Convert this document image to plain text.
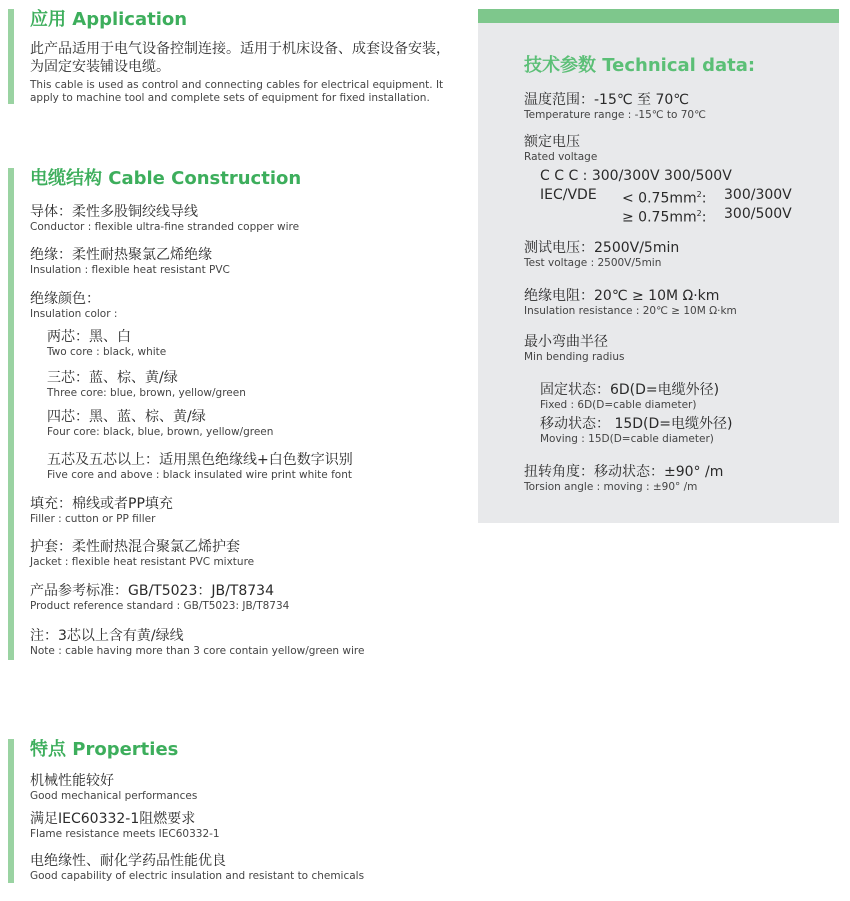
应用 Application
此产品适用于电气设备控制连接。适用于机床设备、成套设备安装，为固定安装铺设电缆。
This cable is used as control and connecting cables for electrical equipment. It apply to machine tool and complete sets of equipment for fixed installation.
电缆结构 Cable Construction
导体：柔性多股铜绞线导线
Conductor : flexible ultra-fine stranded copper wire
绝缘：柔性耐热聚氯乙烯绝缘
Insulation : flexible heat resistant PVC
绝缘颜色：
Insulation color :
两芯：黑、白
Two core : black, white
三芯：蓝、棕、黄/绿
Three core: blue, brown, yellow/green
四芯：黑、蓝、棕、黄/绿
Four core: black, blue, brown, yellow/green
五芯及五芯以上：适用黑色绝缘线+白色数字识别
Five core and above : black insulated wire print white font
填充：棉线或者PP填充
Filler : cutton or PP filler
护套：柔性耐热混合聚氯乙烯护套
Jacket : flexible heat resistant PVC mixture
产品参考标准：GB/T5023：JB/T8734
Product reference standard : GB/T5023: JB/T8734
注：3芯以上含有黄/绿线
Note : cable having more than 3 core contain yellow/green wire
特点 Properties
机械性能较好
Good mechanical performances
满足IEC60332-1阻燃要求
Flame resistance meets IEC60332-1
电绝缘性、耐化学药品性能优良
Good capability of electric insulation and resistant to chemicals
技术参数 Technical data:
温度范围：-15℃ 至 70℃
Temperature range : -15℃ to 70℃
额定电压
Rated voltage
C C C : 300/300V 300/500V
$IEC/VDE < 0.75mm^2$: 300/300V
≥ $0.75mm^2$: 300/500V
测试电压：2500V/5min
Test voltage : 2500V/5min
绝缘电阻：20℃ ≥ 10M Ω·km
Insulation resistance : 20℃ ≥ 10M Ω·km
最小弯曲半径
Min bending radius
固定状态：6D(D=电缆外径)
Fixed : 6D(D=cable diameter)
移动状态： 15D(D=电缆外径)
Moving : 15D(D=cable diameter)
扭转角度：移动状态：±90° /m
Torsion angle : moving : ±90° /m
